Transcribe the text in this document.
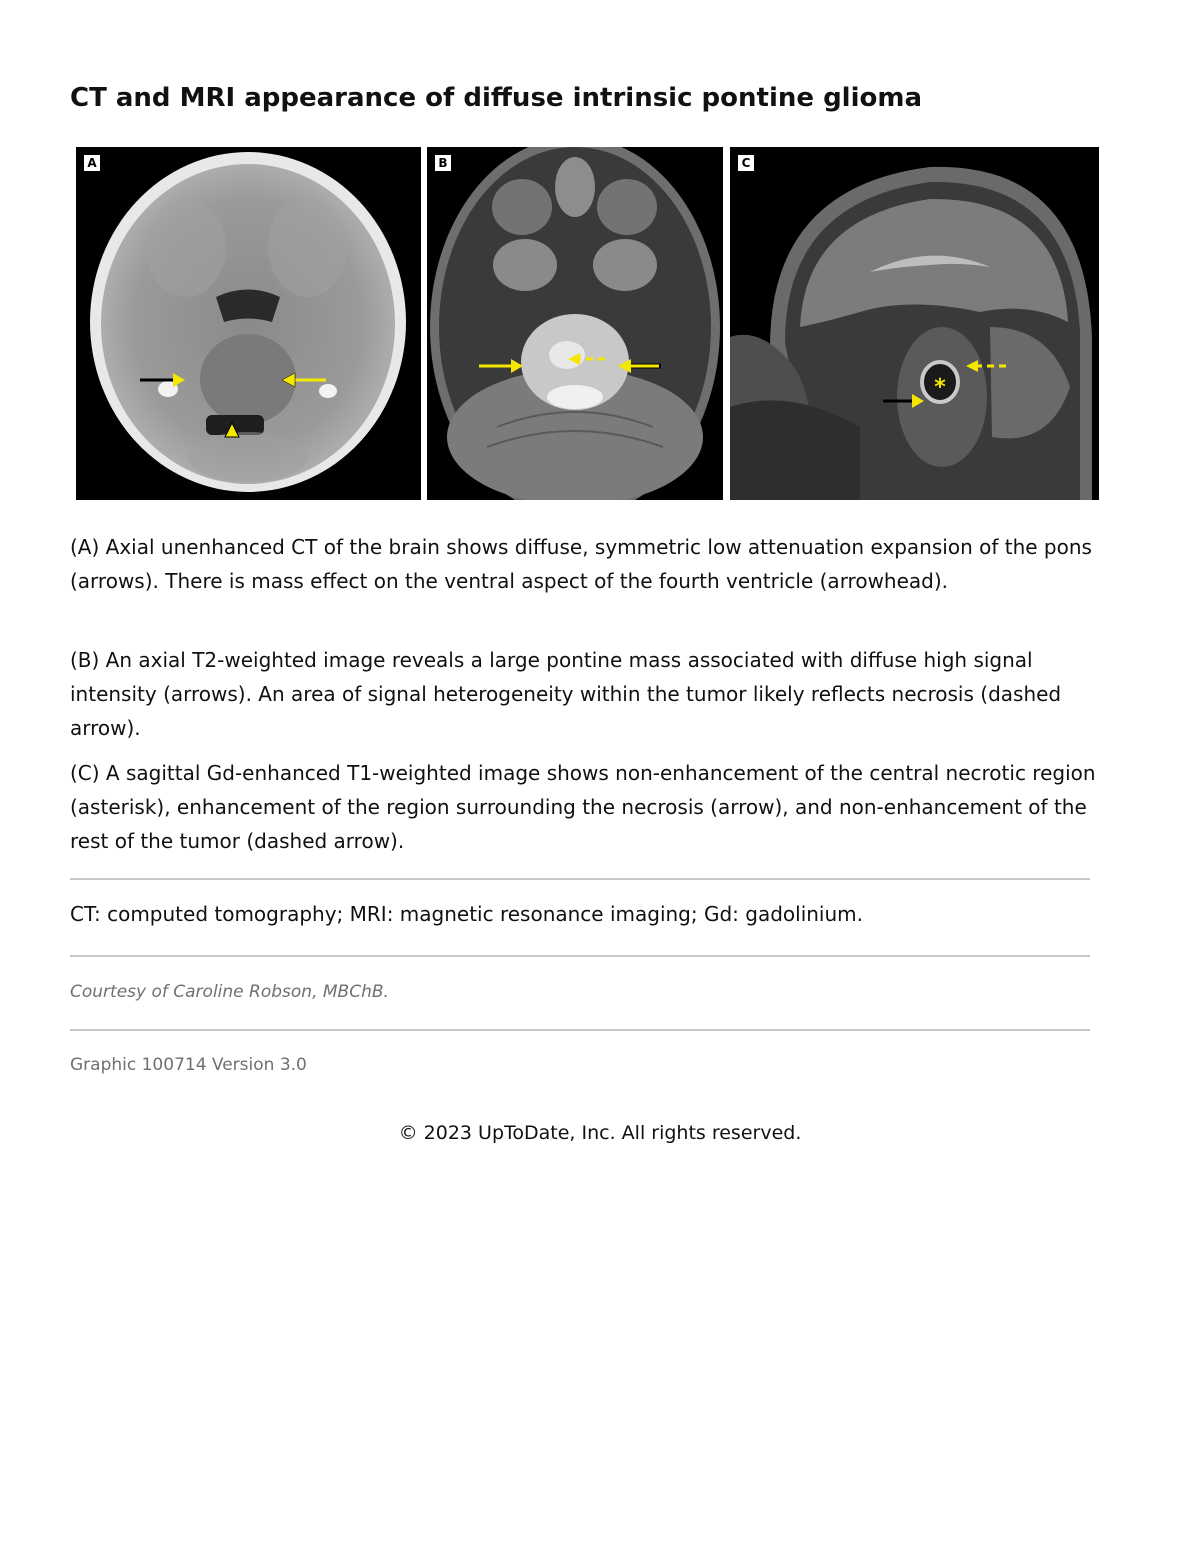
CT and MRI appearance of diffuse intrinsic pontine glioma
A	B
*
C

(A) Axial unenhanced CT of the brain shows diffuse, symmetric low attenuation expansion of the pons (arrows). There is mass effect on the ventral aspect of the fourth ventricle (arrowhead).

(B) An axial T2-weighted image reveals a large pontine mass associated with diffuse high signal intensity (arrows). An area of signal heterogeneity within the tumor likely reflects necrosis (dashed arrow).

(C) A sagittal Gd-enhanced T1-weighted image shows non-enhancement of the central necrotic region (asterisk), enhancement of the region surrounding the necrosis (arrow), and non-enhancement of the rest of the tumor (dashed arrow).

CT: computed tomography; MRI: magnetic resonance imaging; Gd: gadolinium.

Courtesy of Caroline Robson, MBChB.

Graphic 100714 Version 3.0

© 2023 UpToDate, Inc. All rights reserved.
